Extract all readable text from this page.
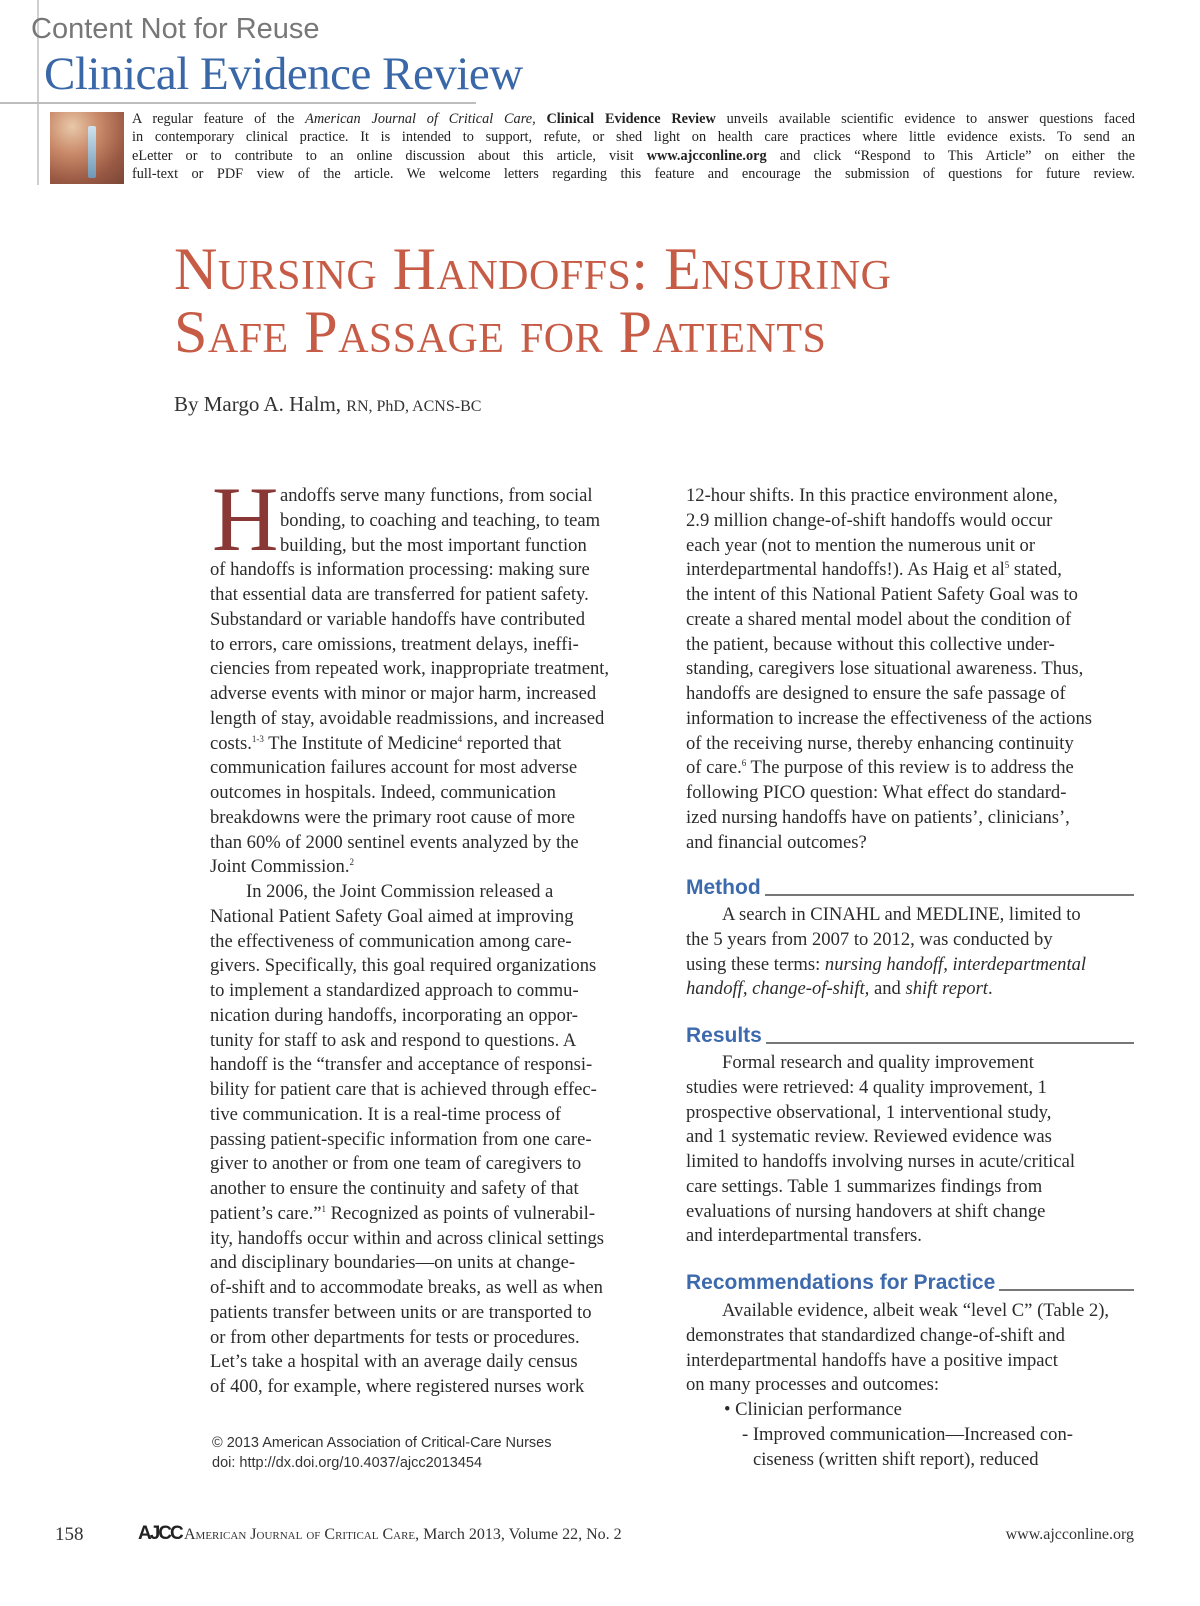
Content Not for Reuse
Clinical Evidence Review
A regular feature of the American Journal of Critical Care, Clinical Evidence Review unveils available scientific evidence to answer questions faced
in contemporary clinical practice. It is intended to support, refute, or shed light on health care practices where little evidence exists. To send an
eLetter or to contribute to an online discussion about this article, visit www.ajcconline.org and click “Respond to This Article” on either the
full-text or PDF view of the article. We welcome letters regarding this feature and encourage the submission of questions for future review.
Nursing Handoffs: Ensuring
Safe Passage for Patients
By Margo A. Halm, RN, PhD, ACNS-BC
H andoffs serve many functions, from social
bonding, to coaching and teaching, to team
building, but the most important function
of handoffs is information processing: making sure
that essential data are transferred for patient safety.
Substandard or variable handoffs have contributed
to errors, care omissions, treatment delays, ineffi-
ciencies from repeated work, inappropriate treatment,
adverse events with minor or major harm, increased
length of stay, avoidable readmissions, and increased
costs.$^{1-3}$ The Institute of Medicine$^4$ reported that
communication failures account for most adverse
outcomes in hospitals. Indeed, communication
breakdowns were the primary root cause of more
than 60% of 2000 sentinel events analyzed by the
Joint Commission.$^2$
In 2006, the Joint Commission released a
National Patient Safety Goal aimed at improving
the effectiveness of communication among care-
givers. Specifically, this goal required organizations
to implement a standardized approach to commu-
nication during handoffs, incorporating an oppor-
tunity for staff to ask and respond to questions. A
handoff is the “transfer and acceptance of responsi-
bility for patient care that is achieved through effec-
tive communication. It is a real-time process of
passing patient-specific information from one care-
giver to another or from one team of caregivers to
another to ensure the continuity and safety of that
patient’s care.”$^1$ Recognized as points of vulnerabil-
ity, handoffs occur within and across clinical settings
and disciplinary boundaries—on units at change-
of-shift and to accommodate breaks, as well as when
patients transfer between units or are transported to
or from other departments for tests or procedures.
Let’s take a hospital with an average daily census
of 400, for example, where registered nurses work
12-hour shifts. In this practice environment alone,
2.9 million change-of-shift handoffs would occur
each year (not to mention the numerous unit or
interdepartmental handoffs!). As Haig et $al^5$ stated,
the intent of this National Patient Safety Goal was to
create a shared mental model about the condition of
the patient, because without this collective under-
standing, caregivers lose situational awareness. Thus,
handoffs are designed to ensure the safe passage of
information to increase the effectiveness of the actions
of the receiving nurse, thereby enhancing continuity
of care.$^6$ The purpose of this review is to address the
following PICO question: What effect do standard-
ized nursing handoffs have on patients’, clinicians’,
and financial outcomes?
Method
A search in CINAHL and MEDLINE, limited to
the 5 years from 2007 to 2012, was conducted by
using these terms: nursing handoff, interdepartmental
handoff, change-of-shift, and shift report.
Results
Formal research and quality improvement
studies were retrieved: 4 quality improvement, 1
prospective observational, 1 interventional study,
and 1 systematic review. Reviewed evidence was
limited to handoffs involving nurses in acute/critical
care settings. Table 1 summarizes findings from
evaluations of nursing handovers at shift change
and interdepartmental transfers.
Recommendations for Practice
Available evidence, albeit weak “level C” (Table 2),
demonstrates that standardized change-of-shift and
interdepartmental handoffs have a positive impact
on many processes and outcomes:
• Clinician performance
- Improved communication—Increased con-
ciseness (written shift report), reduced
© 2013 American Association of Critical-Care Nurses
doi: http://dx.doi.org/10.4037/ajcc2013454
158	AJCC American Journal of Critical Care, March 2013, Volume 22, No. 2	www.ajcconline.org
